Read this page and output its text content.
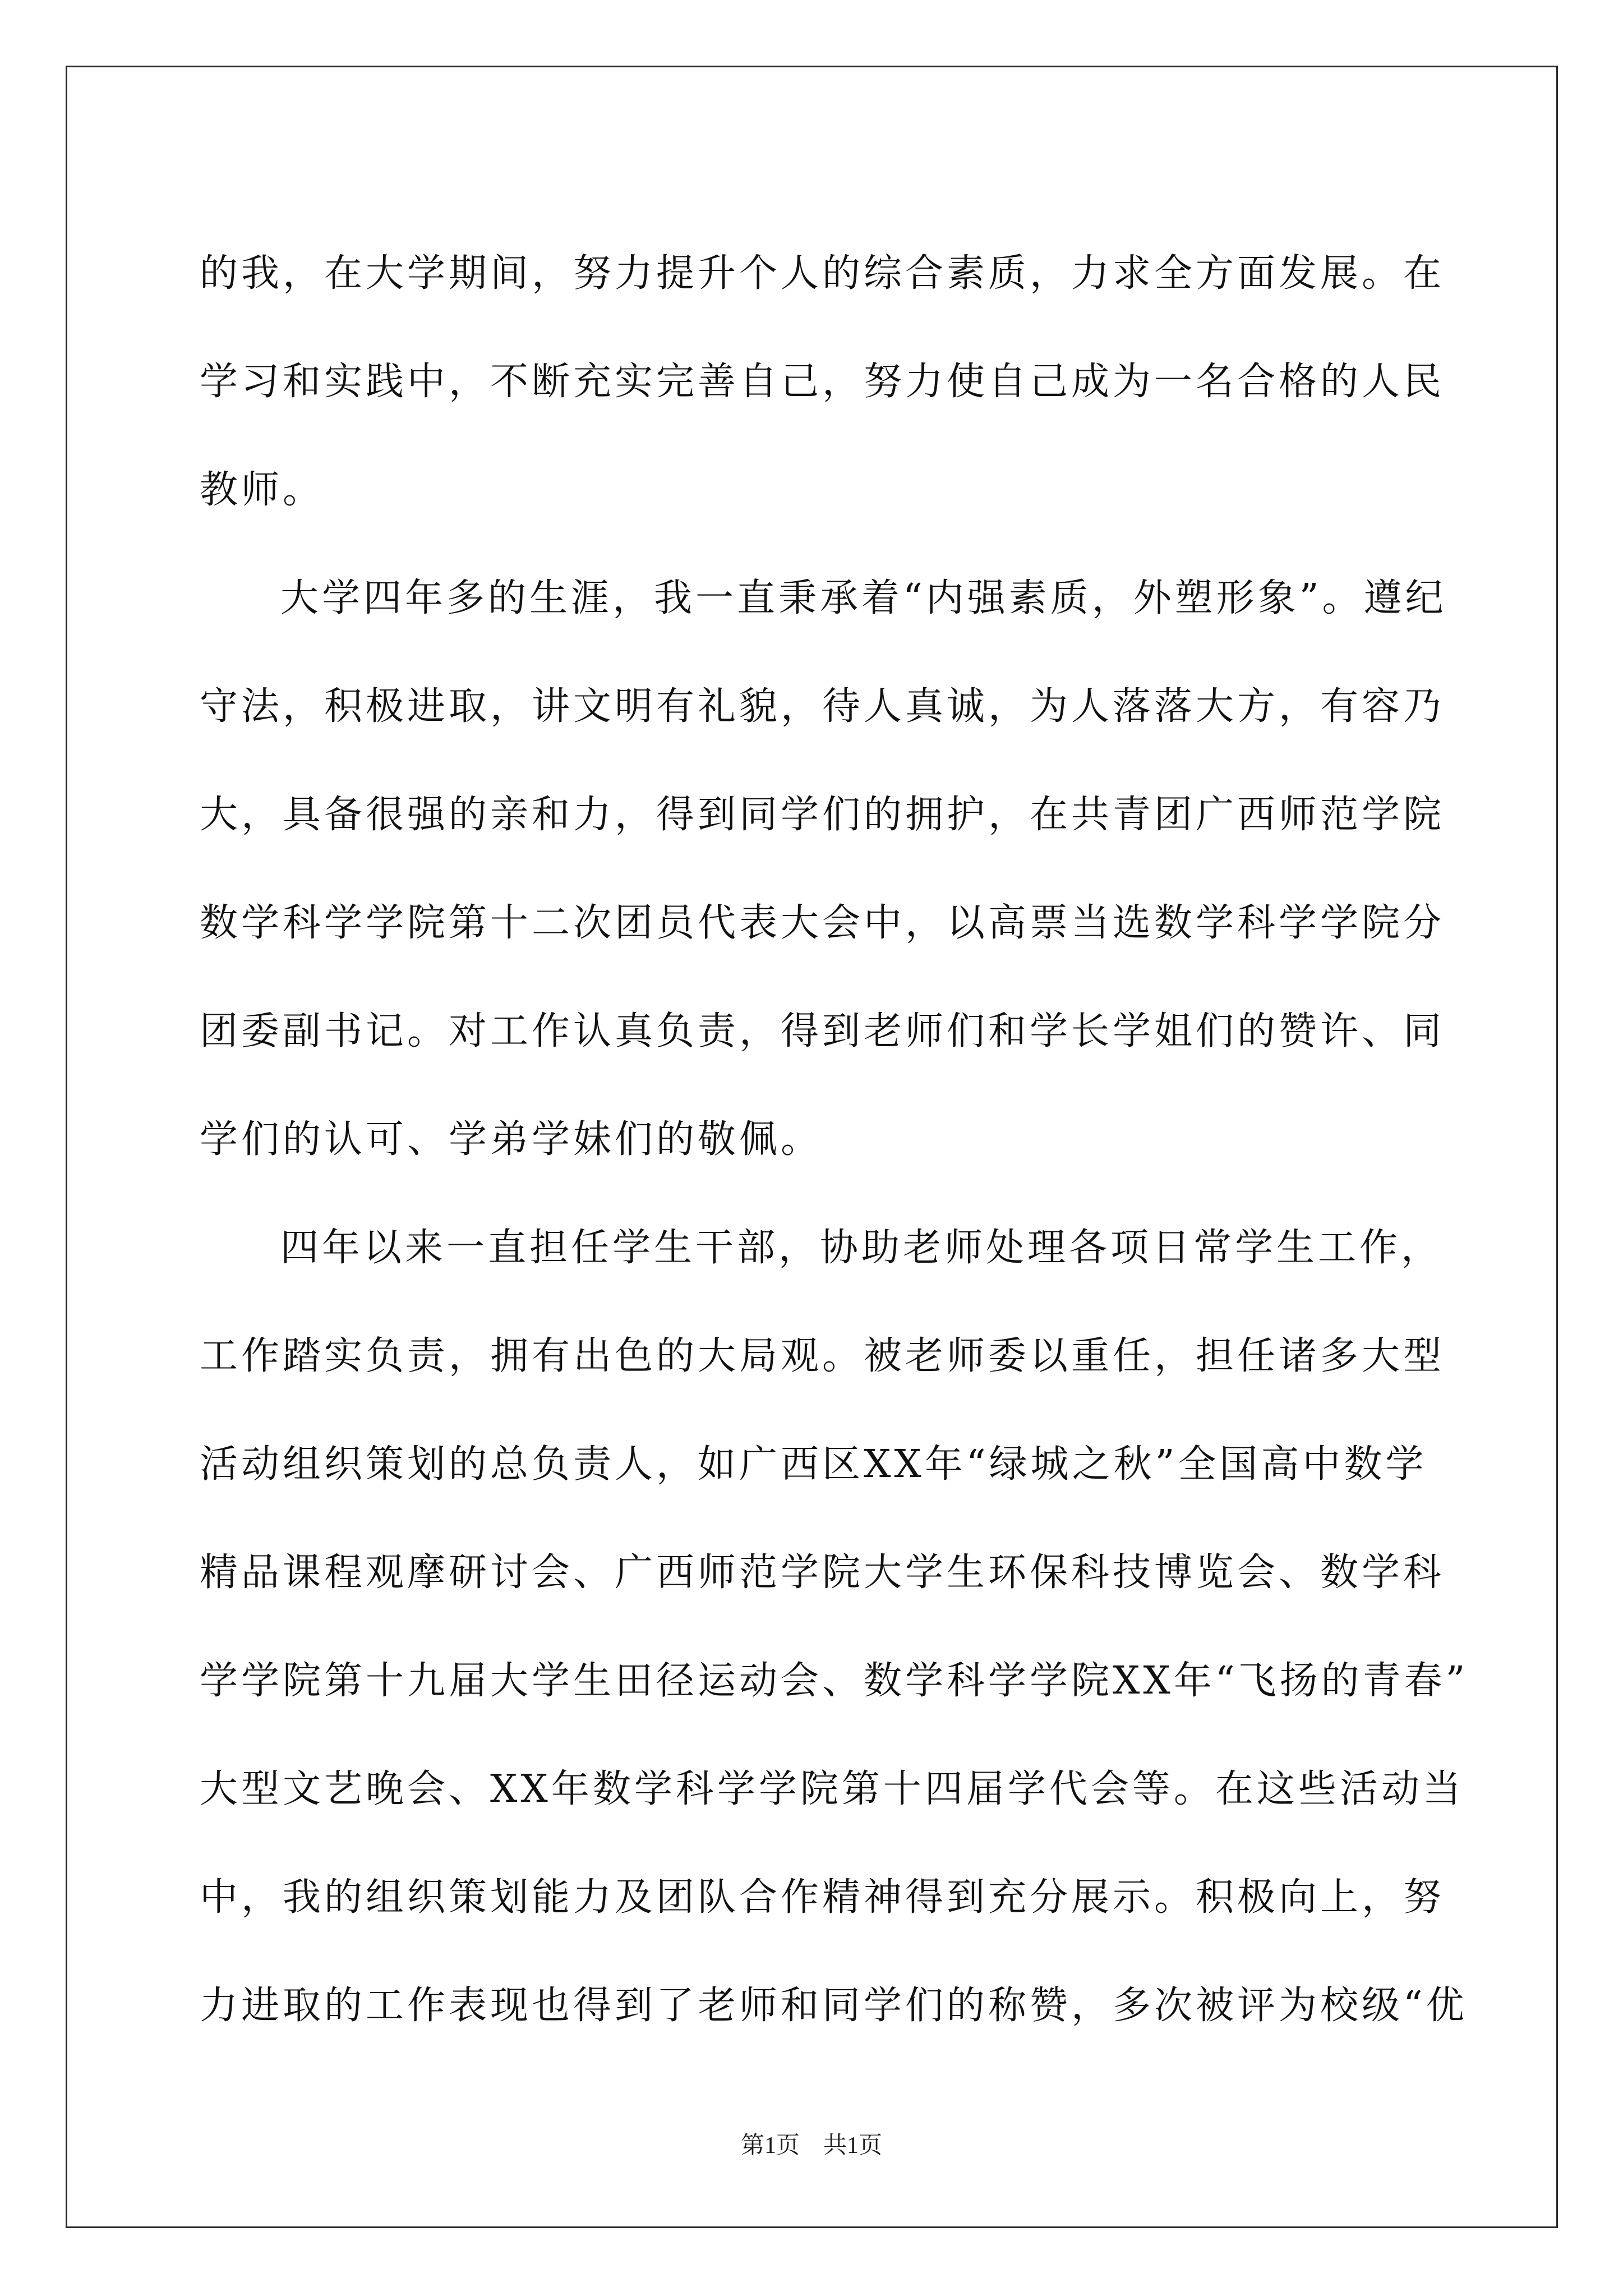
的我，在大学期间，努力提升个人的综合素质，力求全方面发展。在
学习和实践中，不断充实完善自己，努力使自己成为一名合格的人民
教师。
大学四年多的生涯，我一直秉承着“内强素质，外塑形象”。遵纪
守法，积极进取，讲文明有礼貌，待人真诚，为人落落大方，有容乃
大，具备很强的亲和力，得到同学们的拥护，在共青团广西师范学院
数学科学学院第十二次团员代表大会中，以高票当选数学科学学院分
团委副书记。对工作认真负责，得到老师们和学长学姐们的赞许、同
学们的认可、学弟学妹们的敬佩。
四年以来一直担任学生干部，协助老师处理各项日常学生工作，
工作踏实负责，拥有出色的大局观。被老师委以重任，担任诸多大型
活动组织策划的总负责人，如广西区XX年“绿城之秋”全国高中数学
精品课程观摩研讨会、广西师范学院大学生环保科技博览会、数学科
学学院第十九届大学生田径运动会、数学科学学院XX年“飞扬的青春”
大型文艺晚会、XX年数学科学学院第十四届学代会等。在这些活动当
中，我的组织策划能力及团队合作精神得到充分展示。积极向上，努
力进取的工作表现也得到了老师和同学们的称赞，多次被评为校级“优
第1页　共1页
